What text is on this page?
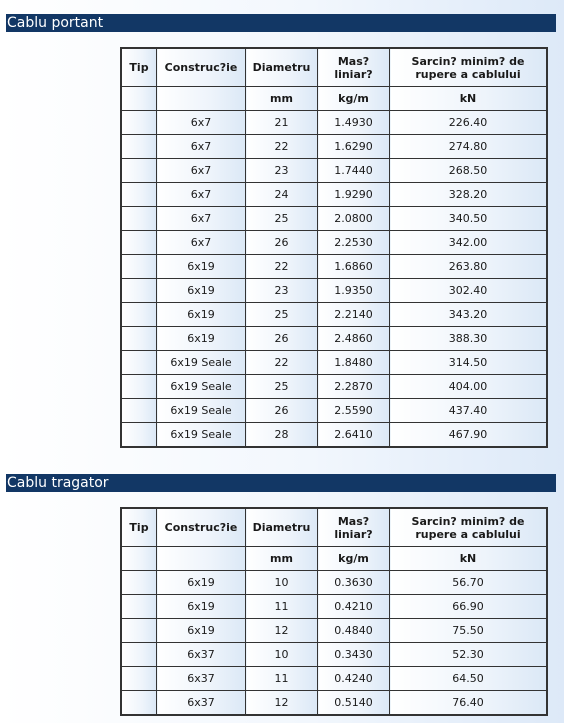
Cablu portant
Tip	Construc?ie	Diametru	Mas? liniar?	Sarcin? minim? de rupere a cablului
		mm	kg/m	kN
	6x7	21	1.4930	226.40
	6x7	22	1.6290	274.80
	6x7	23	1.7440	268.50
	6x7	24	1.9290	328.20
	6x7	25	2.0800	340.50
	6x7	26	2.2530	342.00
	6x19	22	1.6860	263.80
	6x19	23	1.9350	302.40
	6x19	25	2.2140	343.20
	6x19	26	2.4860	388.30
	6x19 Seale	22	1.8480	314.50
	6x19 Seale	25	2.2870	404.00
	6x19 Seale	26	2.5590	437.40
	6x19 Seale	28	2.6410	467.90
Cablu tragator
Tip	Construc?ie	Diametru	Mas? liniar?	Sarcin? minim? de rupere a cablului
		mm	kg/m	kN
	6x19	10	0.3630	56.70
	6x19	11	0.4210	66.90
	6x19	12	0.4840	75.50
	6x37	10	0.3430	52.30
	6x37	11	0.4240	64.50
	6x37	12	0.5140	76.40
